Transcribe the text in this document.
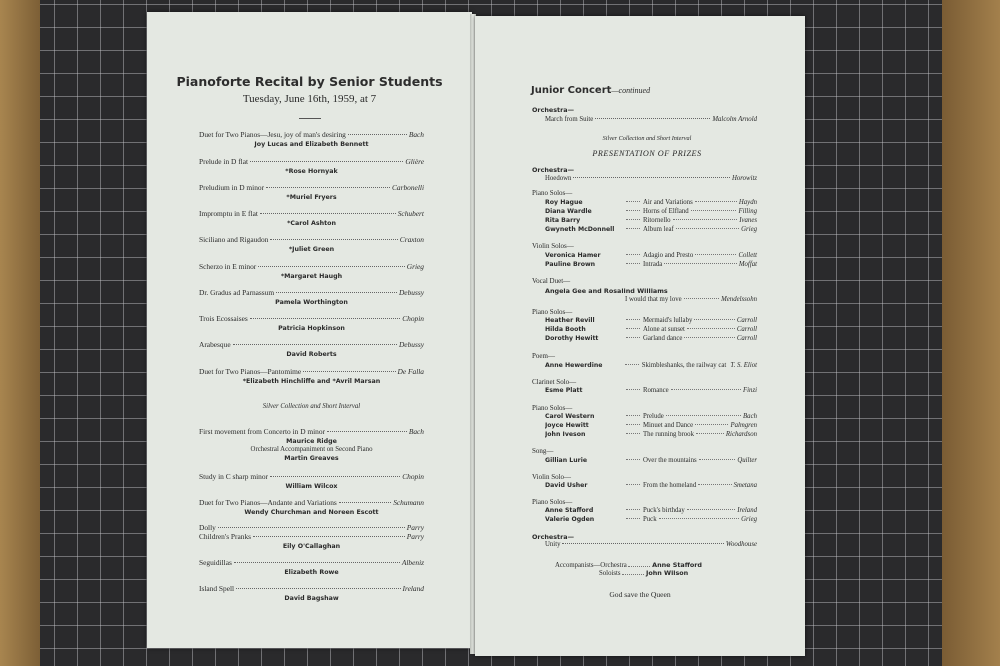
Pianoforte Recital by Senior Students
Tuesday, June 16th, 1959, at 7
Duet for Two Pianos—Jesu, joy of man's desiring	Bach
Joy Lucas and Elizabeth Bennett
Prelude in D flat	Glière
*Rose Hornyak
Preludium in D minor	Carbonelli
*Muriel Fryers
Impromptu in E flat	Schubert
*Carol Ashton
Siciliano and Rigaudon	Craxton
*Juliet Green
Scherzo in E minor	Grieg
*Margaret Haugh
Dr. Gradus ad Parnassum	Debussy
Pamela Worthington
Trois Ecossaises	Chopin
Patricia Hopkinson
Arabesque	Debussy
David Roberts
Duet for Two Pianos—Pantomime	De Falla
*Elizabeth Hinchliffe and *Avril Marsan
Silver Collection and Short Interval
First movement from Concerto in D minor	Bach
Maurice Ridge
Orchestral Accompaniment on Second Piano
Martin Greaves
Study in C sharp minor	Chopin
William Wilcox
Duet for Two Pianos—Andante and Variations	Schumann
Wendy Churchman and Noreen Escott
Dolly	Parry
Children's Pranks	Parry
Eily O'Callaghan
Seguidillas	Albeniz
Elizabeth Rowe
Island Spell	Ireland
David Bagshaw
Junior Concert—continued
Orchestra—
March from Suite	Malcolm Arnold
Silver Collection and Short Interval
PRESENTATION OF PRIZES
Orchestra—
Hoedown	Horowitz
Piano Solos—
Roy Hague	Air and Variations	Haydn
Diana Wardle	Horns of Elfland	Filling
Rita Barry	Ritornello	Ivanes
Gwyneth McDonnell	Album leaf	Grieg
Violin Solos—
Veronica Hamer	Adagio and Presto	Collett
Pauline Brown	Intrada	Moffat
Vocal Duet—
Angela Gee and Rosalind Williams
I would that my love	Mendelssohn
Piano Solos—
Heather Revill	Mermaid's lullaby	Carroll
Hilda Booth	Alone at sunset	Carroll
Dorothy Hewitt	Garland dance	Carroll
Poem—
Anne Hewerdine	Skimbleshanks, the railway cat T. S. Eliot
Clarinet Solo—
Esme Platt	Romance	Finzi
Piano Solos—
Carol Western	Prelude	Bach
Joyce Hewitt	Minuet and Dance	Palmgren
John Iveson	The running brook	Richardson
Song—
Gillian Lurie	Over the mountains	Quilter
Violin Solo—
David Usher	From the homeland	Smetana
Piano Solos—
Anne Stafford	Puck's birthday	Ireland
Valerie Ogden	Puck	Grieg
Orchestra—
Unity	Woodhouse
Accompanists—Orchestra	Anne Stafford
Soloists	John Wilson
God save the Queen
